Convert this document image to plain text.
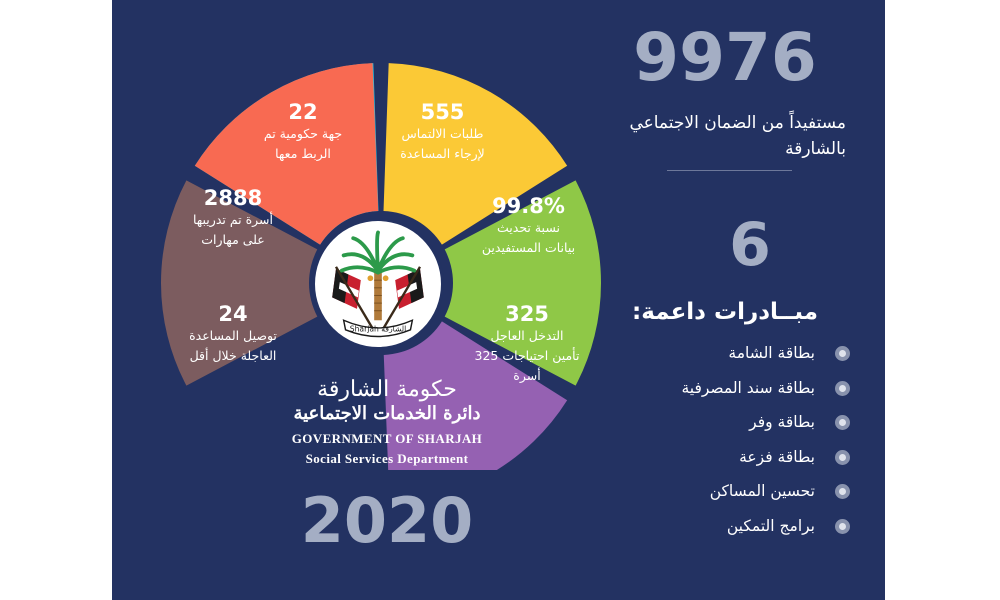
22
جهة حكومية تم
الربط معها
555
طلبات الالتماس
لإرجاء المساعدة
99.8%
نسبة تحديث
بيانات المستفيدين
325
التدخل العاجل
تأمين احتياجات 325
أسرة
24
توصيل المساعدة
العاجلة خلال أقل
2888
أسرة تم تدريبها
على مهارات
Sharjah الشارقة
حكومة الشارقة
دائرة الخدمات الاجتماعية
GOVERNMENT OF SHARJAH
Social Services Department
2020
9976
مستفيداً من الضمان الاجتماعي
بالشارقة
6
مبــادرات داعمة:
بطاقة الشامة
بطاقة سند المصرفية
بطاقة وفر
بطاقة فزعة
تحسين المساكن
برامج التمكين
